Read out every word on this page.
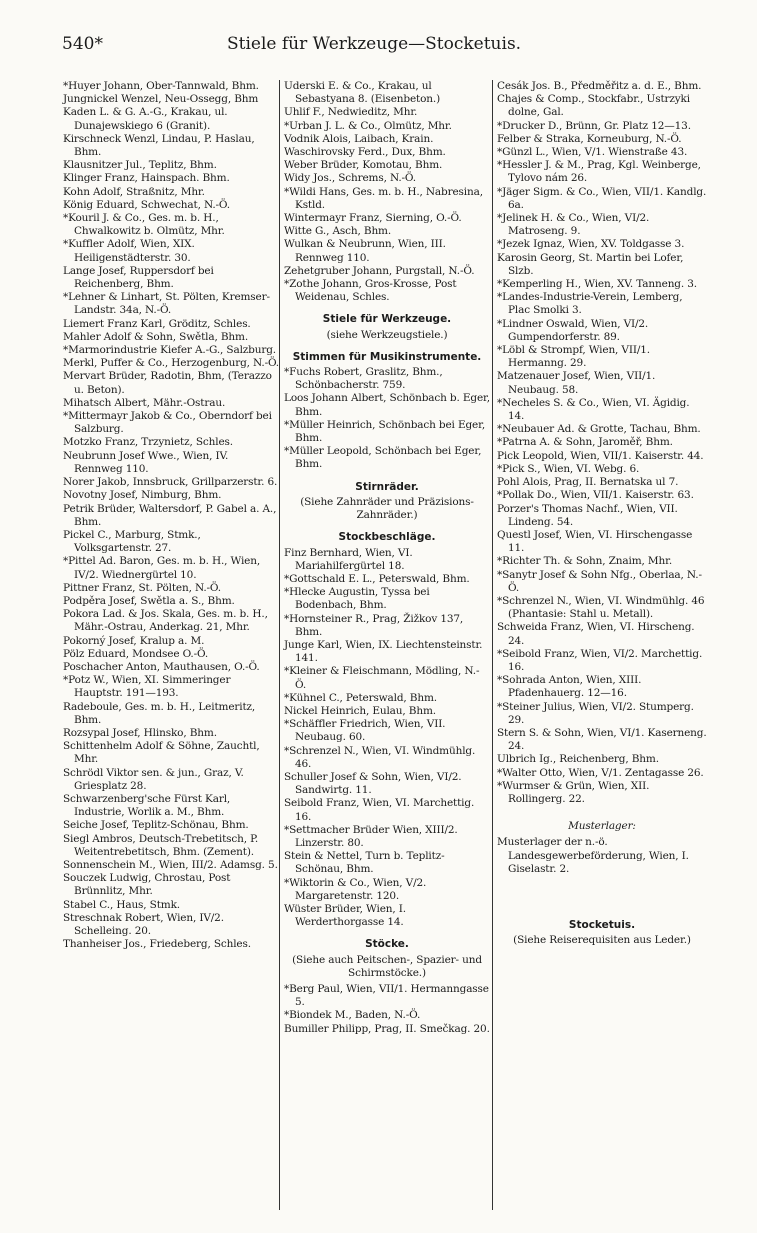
540*	Stiele für Werkzeuge—Stocketuis.
*Huyer Johann, Ober-Tannwald, Bhm.
Jungnickel Wenzel, Neu-Ossegg, Bhm
Kaden L. & G. A.-G., Krakau, ul. Dunajewskiego 6 (Granit).
Kirschneck Wenzl, Lindau, P. Haslau, Bhm.
Klausnitzer Jul., Teplitz, Bhm.
Klinger Franz, Hainspach. Bhm.
Kohn Adolf, Straßnitz, Mhr.
König Eduard, Schwechat, N.-Ö.
*Kouril J. & Co., Ges. m. b. H., Chwalkowitz b. Olmütz, Mhr.
*Kuffler Adolf, Wien, XIX. Heiligenstädterstr. 30.
Lange Josef, Ruppersdorf bei Reichenberg, Bhm.
*Lehner & Linhart, St. Pölten, Kremser-Landstr. 34a, N.-Ö.
Liemert Franz Karl, Gröditz, Schles.
Mahler Adolf & Sohn, Swětla, Bhm.
*Marmorindustrie Kiefer A.-G., Salzburg.
Merkl, Puffer & Co., Herzogenburg, N.-Ö.
Mervart Brüder, Radotin, Bhm, (Terazzo u. Beton).
Mihatsch Albert, Mähr.-Ostrau.
*Mittermayr Jakob & Co., Oberndorf bei Salzburg.
Motzko Franz, Trzynietz, Schles.
Neubrunn Josef Wwe., Wien, IV. Rennweg 110.
Norer Jakob, Innsbruck, Grillparzerstr. 6.
Novotny Josef, Nimburg, Bhm.
Petrik Brüder, Waltersdorf, P. Gabel a. A., Bhm.
Pickel C., Marburg, Stmk., Volksgartenstr. 27.
*Pittel Ad. Baron, Ges. m. b. H., Wien, IV/2. Wiednergürtel 10.
Pittner Franz, St. Pölten, N.-Ö.
Podpěra Josef, Swětla a. S., Bhm.
Pokora Lad. & Jos. Skala, Ges. m. b. H., Mähr.-Ostrau, Anderkag. 21, Mhr.
Pokorný Josef, Kralup a. M.
Pölz Eduard, Mondsee O.-Ö.
Poschacher Anton, Mauthausen, O.-Ö.
*Potz W., Wien, XI. Simmeringer Hauptstr. 191—193.
Radeboule, Ges. m. b. H., Leitmeritz, Bhm.
Rozsypal Josef, Hlinsko, Bhm.
Schittenhelm Adolf & Söhne, Zauchtl, Mhr.
Schrödl Viktor sen. & jun., Graz, V. Griesplatz 28.
Schwarzenberg'sche Fürst Karl, Industrie, Worlik a. M., Bhm.
Seiche Josef, Teplitz-Schönau, Bhm.
Siegl Ambros, Deutsch-Trebetitsch, P. Weitentrebetitsch, Bhm. (Zement).
Sonnenschein M., Wien, III/2. Adamsg. 5.
Souczek Ludwig, Chrostau, Post Brünnlitz, Mhr.
Stabel C., Haus, Stmk.
Streschnak Robert, Wien, IV/2. Schelleing. 20.
Thanheiser Jos., Friedeberg, Schles.
Uderski E. & Co., Krakau, ul Sebastyana 8. (Eisenbeton.)
Uhlif F., Nedwieditz, Mhr.
*Urban J. L. & Co., Olmütz, Mhr.
Vodnik Alois, Laibach, Krain.
Waschirovsky Ferd., Dux, Bhm.
Weber Brüder, Komotau, Bhm.
Widy Jos., Schrems, N.-Ö.
*Wildi Hans, Ges. m. b. H., Nabresina, Kstld.
Wintermayr Franz, Sierning, O.-Ö.
Witte G., Asch, Bhm.
Wulkan & Neubrunn, Wien, III. Rennweg 110.
Zehetgruber Johann, Purgstall, N.-Ö.
*Zothe Johann, Gros-Krosse, Post Weidenau, Schles.
Stiele für Werkzeuge.
(siehe Werkzeugstiele.)
Stimmen für Musikinstrumente.
*Fuchs Robert, Graslitz, Bhm., Schönbacherstr. 759.
Loos Johann Albert, Schönbach b. Eger, Bhm.
*Müller Heinrich, Schönbach bei Eger, Bhm.
*Müller Leopold, Schönbach bei Eger, Bhm.
Stirnräder.
(Siehe Zahnräder und Präzisions-Zahnräder.)
Stockbeschläge.
Finz Bernhard, Wien, VI. Mariahilfergürtel 18.
*Gottschald E. L., Peterswald, Bhm.
*Hlecke Augustin, Tyssa bei Bodenbach, Bhm.
*Hornsteiner R., Prag, Žižkov 137, Bhm.
Junge Karl, Wien, IX. Liechtensteinstr. 141.
*Kleiner & Fleischmann, Mödling, N.-Ö.
*Kühnel C., Peterswald, Bhm.
Nickel Heinrich, Eulau, Bhm.
*Schäffler Friedrich, Wien, VII. Neubaug. 60.
*Schrenzel N., Wien, VI. Windmühlg. 46.
Schuller Josef & Sohn, Wien, VI/2. Sandwirtg. 11.
Seibold Franz, Wien, VI. Marchettig. 16.
*Settmacher Brüder Wien, XIII/2. Linzerstr. 80.
Stein & Nettel, Turn b. Teplitz-Schönau, Bhm.
*Wiktorin & Co., Wien, V/2. Margaretenstr. 120.
Wüster Brüder, Wien, I. Werderthorgasse 14.
Stöcke.
(Siehe auch Peitschen-, Spazier- und Schirmstöcke.)
*Berg Paul, Wien, VII/1. Hermanngasse 5.
*Biondek M., Baden, N.-Ö.
Bumiller Philipp, Prag, II. Smečkag. 20.
Cesák Jos. B., Předměřitz a. d. E., Bhm.
Chajes & Comp., Stockfabr., Ustrzyki dolne, Gal.
*Drucker D., Brünn, Gr. Platz 12—13.
Felber & Straka, Korneuburg, N.-Ö.
*Günzl L., Wien, V/1. Wienstraße 43.
*Hessler J. & M., Prag, Kgl. Weinberge, Tylovo nám 26.
*Jäger Sigm. & Co., Wien, VII/1. Kandlg. 6a.
*Jelinek H. & Co., Wien, VI/2. Matroseng. 9.
*Jezek Ignaz, Wien, XV. Toldgasse 3.
Karosin Georg, St. Martin bei Lofer, Slzb.
*Kemperling H., Wien, XV. Tanneng. 3.
*Landes-Industrie-Verein, Lemberg, Plac Smolki 3.
*Lindner Oswald, Wien, VI/2. Gumpendorferstr. 89.
*Löbl & Strompf, Wien, VII/1. Hermanng. 29.
Matzenauer Josef, Wien, VII/1. Neubaug. 58.
*Necheles S. & Co., Wien, VI. Ägidig. 14.
*Neubauer Ad. & Grotte, Tachau, Bhm.
*Patrna A. & Sohn, Jaroměř, Bhm.
Pick Leopold, Wien, VII/1. Kaiserstr. 44.
*Pick S., Wien, VI. Webg. 6.
Pohl Alois, Prag, II. Bernatska ul 7.
*Pollak Do., Wien, VII/1. Kaiserstr. 63.
Porzer's Thomas Nachf., Wien, VII. Lindeng. 54.
Questl Josef, Wien, VI. Hirschengasse 11.
*Richter Th. & Sohn, Znaim, Mhr.
*Sanytr Josef & Sohn Nfg., Oberlaa, N.-Ö.
*Schrenzel N., Wien, VI. Windmühlg. 46 (Phantasie: Stahl u. Metall).
Schweida Franz, Wien, VI. Hirscheng. 24.
*Seibold Franz, Wien, VI/2. Marchettig. 16.
*Sohrada Anton, Wien, XIII. Pfadenhauerg. 12—16.
*Steiner Julius, Wien, VI/2. Stumperg. 29.
Stern S. & Sohn, Wien, VI/1. Kaserneng. 24.
Ulbrich Ig., Reichenberg, Bhm.
*Walter Otto, Wien, V/1. Zentagasse 26.
*Wurmser & Grün, Wien, XII. Rollingerg. 22.
Musterlager:
Musterlager der n.-ö. Landesgewerbeförderung, Wien, I. Giselastr. 2.
Stocketuis.
(Siehe Reiserequisiten aus Leder.)
